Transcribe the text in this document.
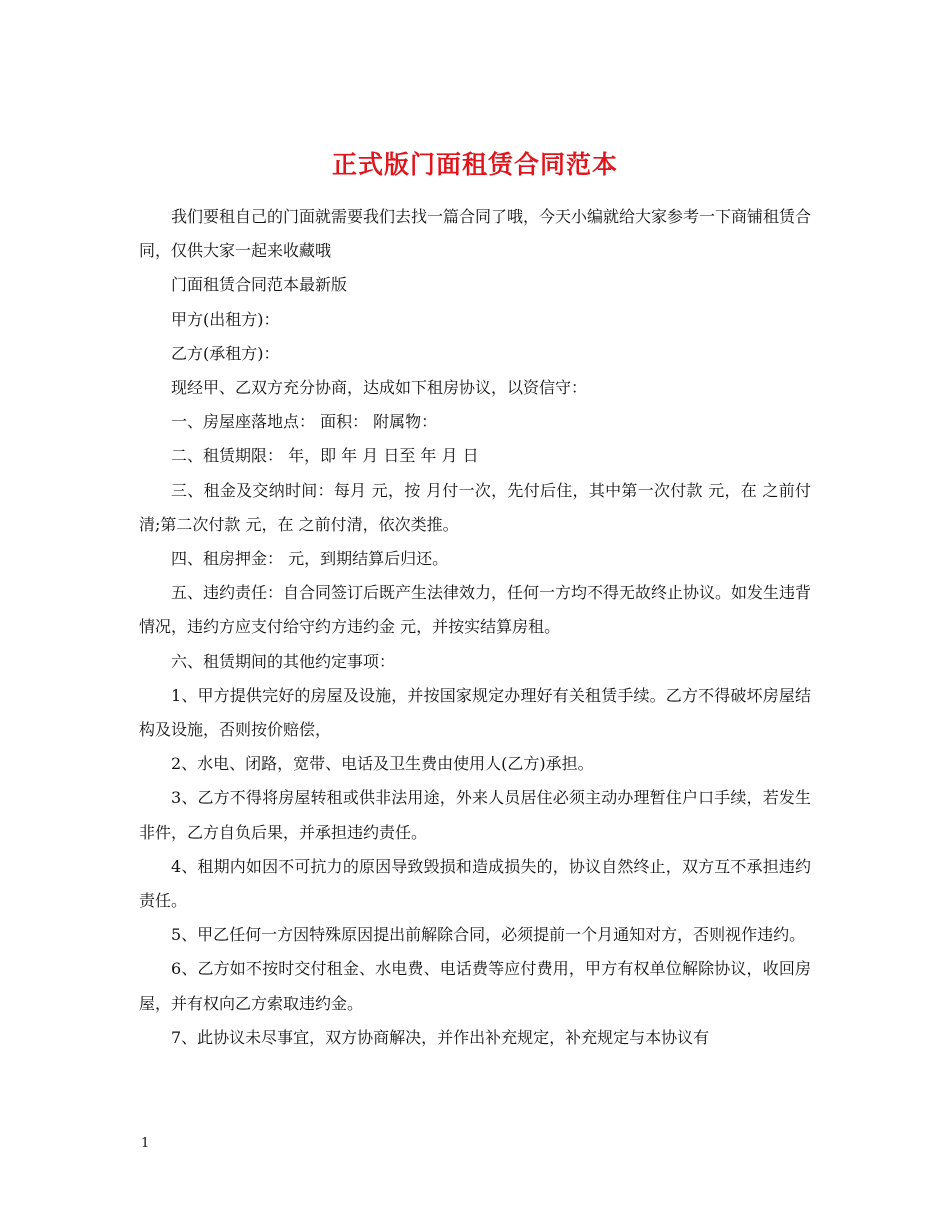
正式版门面租赁合同范本

我们要租自己的门面就需要我们去找一篇合同了哦，今天小编就给大家参考一下商铺租赁合同，仅供大家一起来收藏哦

门面租赁合同范本最新版

甲方(出租方)：

乙方(承租方)：

现经甲、乙双方充分协商，达成如下租房协议，以资信守：

一、房屋座落地点： 面积： 附属物：

二、租赁期限： 年，即 年 月 日至 年 月 日

三、租金及交纳时间：每月 元，按 月付一次，先付后住，其中第一次付款 元，在 之前付清;第二次付款 元，在 之前付清，依次类推。

四、租房押金： 元，到期结算后归还。

五、违约责任：自合同签订后既产生法律效力，任何一方均不得无故终止协议。如发生违背情况，违约方应支付给守约方违约金 元，并按实结算房租。

六、租赁期间的其他约定事项：

1、甲方提供完好的房屋及设施，并按国家规定办理好有关租赁手续。乙方不得破坏房屋结构及设施，否则按价赔偿，

2、水电、闭路，宽带、电话及卫生费由使用人(乙方)承担。

3、乙方不得将房屋转租或供非法用途，外来人员居住必须主动办理暂住户口手续，若发生非件，乙方自负后果，并承担违约责任。

4、租期内如因不可抗力的原因导致毁损和造成损失的，协议自然终止，双方互不承担违约责任。

5、甲乙任何一方因特殊原因提出前解除合同，必须提前一个月通知对方，否则视作违约。

6、乙方如不按时交付租金、水电费、电话费等应付费用，甲方有权单位解除协议，收回房屋，并有权向乙方索取违约金。

7、此协议未尽事宜，双方协商解决，并作出补充规定，补充规定与本协议有

1
